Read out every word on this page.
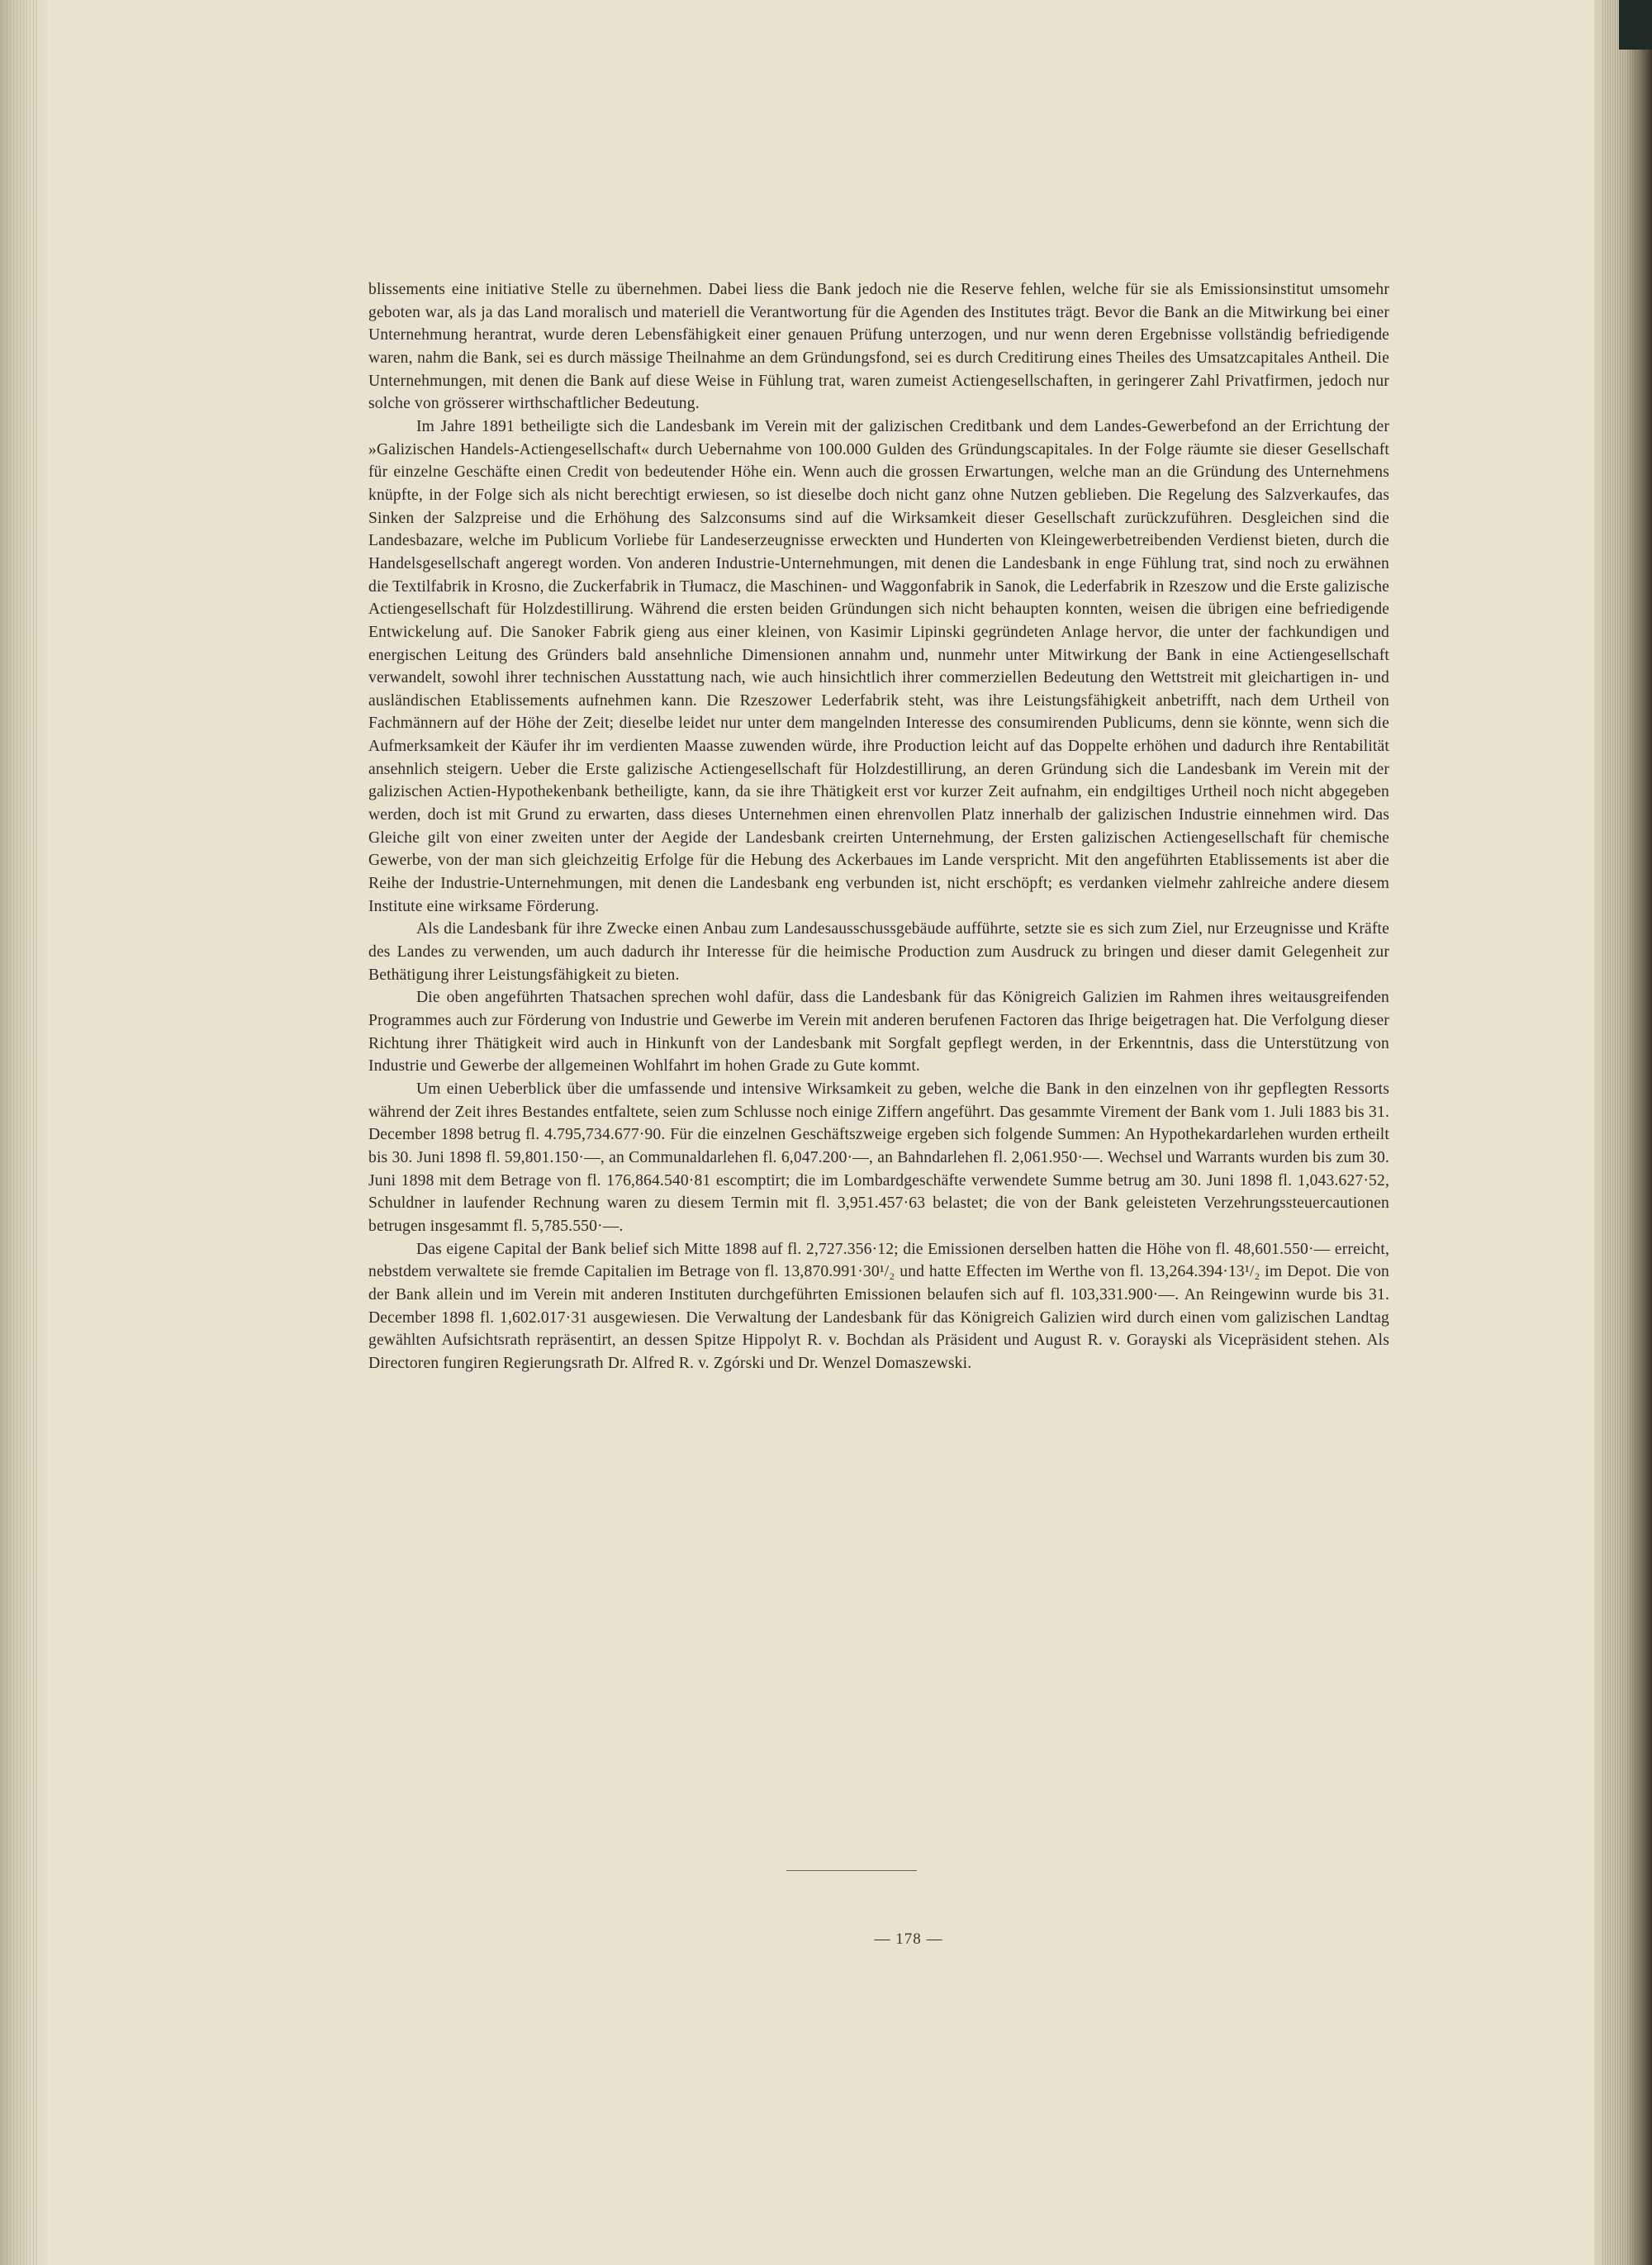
blissements eine initiative Stelle zu übernehmen. Dabei liess die Bank jedoch nie die Reserve fehlen, welche für sie als Emissionsinstitut umsomehr geboten war, als ja das Land moralisch und materiell die Verantwortung für die Agenden des Institutes trägt. Bevor die Bank an die Mitwirkung bei einer Unternehmung herantrat, wurde deren Lebensfähigkeit einer genauen Prüfung unterzogen, und nur wenn deren Ergebnisse vollständig befriedigende waren, nahm die Bank, sei es durch mässige Theilnahme an dem Gründungsfond, sei es durch Creditirung eines Theiles des Umsatzcapitales Antheil. Die Unternehmungen, mit denen die Bank auf diese Weise in Fühlung trat, waren zumeist Actiengesellschaften, in geringerer Zahl Privatfirmen, jedoch nur solche von grösserer wirthschaftlicher Bedeutung.

Im Jahre 1891 betheiligte sich die Landesbank im Verein mit der galizischen Creditbank und dem Landes-Gewerbefond an der Errichtung der »Galizischen Handels-Actiengesellschaft« durch Uebernahme von 100.000 Gulden des Gründungscapitales. In der Folge räumte sie dieser Gesellschaft für einzelne Geschäfte einen Credit von bedeutender Höhe ein. Wenn auch die grossen Erwartungen, welche man an die Gründung des Unternehmens knüpfte, in der Folge sich als nicht berechtigt erwiesen, so ist dieselbe doch nicht ganz ohne Nutzen geblieben. Die Regelung des Salzverkaufes, das Sinken der Salzpreise und die Erhöhung des Salzconsums sind auf die Wirksamkeit dieser Gesellschaft zurückzuführen. Desgleichen sind die Landesbazare, welche im Publicum Vorliebe für Landeserzeugnisse erweckten und Hunderten von Kleingewerbetreibenden Verdienst bieten, durch die Handelsgesellschaft angeregt worden. Von anderen Industrie-Unternehmungen, mit denen die Landesbank in enge Fühlung trat, sind noch zu erwähnen die Textilfabrik in Krosno, die Zuckerfabrik in Tłumacz, die Maschinen- und Waggonfabrik in Sanok, die Lederfabrik in Rzeszow und die Erste galizische Actiengesellschaft für Holzdestillirung. Während die ersten beiden Gründungen sich nicht behaupten konnten, weisen die übrigen eine befriedigende Entwickelung auf. Die Sanoker Fabrik gieng aus einer kleinen, von Kasimir Lipinski gegründeten Anlage hervor, die unter der fachkundigen und energischen Leitung des Gründers bald ansehnliche Dimensionen annahm und, nunmehr unter Mitwirkung der Bank in eine Actiengesellschaft verwandelt, sowohl ihrer technischen Ausstattung nach, wie auch hinsichtlich ihrer commerziellen Bedeutung den Wettstreit mit gleichartigen in- und ausländischen Etablissements aufnehmen kann. Die Rzeszower Lederfabrik steht, was ihre Leistungsfähigkeit anbetrifft, nach dem Urtheil von Fachmännern auf der Höhe der Zeit; dieselbe leidet nur unter dem mangelnden Interesse des consumirenden Publicums, denn sie könnte, wenn sich die Aufmerksamkeit der Käufer ihr im verdienten Maasse zuwenden würde, ihre Production leicht auf das Doppelte erhöhen und dadurch ihre Rentabilität ansehnlich steigern. Ueber die Erste galizische Actiengesellschaft für Holzdestillirung, an deren Gründung sich die Landesbank im Verein mit der galizischen Actien-Hypothekenbank betheiligte, kann, da sie ihre Thätigkeit erst vor kurzer Zeit aufnahm, ein endgiltiges Urtheil noch nicht abgegeben werden, doch ist mit Grund zu erwarten, dass dieses Unternehmen einen ehrenvollen Platz innerhalb der galizischen Industrie einnehmen wird. Das Gleiche gilt von einer zweiten unter der Aegide der Landesbank creirten Unternehmung, der Ersten galizischen Actiengesellschaft für chemische Gewerbe, von der man sich gleichzeitig Erfolge für die Hebung des Ackerbaues im Lande verspricht. Mit den angeführten Etablissements ist aber die Reihe der Industrie-Unternehmungen, mit denen die Landesbank eng verbunden ist, nicht erschöpft; es verdanken vielmehr zahlreiche andere diesem Institute eine wirksame Förderung.

Als die Landesbank für ihre Zwecke einen Anbau zum Landesausschussgebäude aufführte, setzte sie es sich zum Ziel, nur Erzeugnisse und Kräfte des Landes zu verwenden, um auch dadurch ihr Interesse für die heimische Production zum Ausdruck zu bringen und dieser damit Gelegenheit zur Bethätigung ihrer Leistungsfähigkeit zu bieten.

Die oben angeführten Thatsachen sprechen wohl dafür, dass die Landesbank für das Königreich Galizien im Rahmen ihres weitausgreifenden Programmes auch zur Förderung von Industrie und Gewerbe im Verein mit anderen berufenen Factoren das Ihrige beigetragen hat. Die Verfolgung dieser Richtung ihrer Thätigkeit wird auch in Hinkunft von der Landesbank mit Sorgfalt gepflegt werden, in der Erkenntnis, dass die Unterstützung von Industrie und Gewerbe der allgemeinen Wohlfahrt im hohen Grade zu Gute kommt.

Um einen Ueberblick über die umfassende und intensive Wirksamkeit zu geben, welche die Bank in den einzelnen von ihr gepflegten Ressorts während der Zeit ihres Bestandes entfaltete, seien zum Schlusse noch einige Ziffern angeführt. Das gesammte Virement der Bank vom 1. Juli 1883 bis 31. December 1898 betrug fl. 4.795,734.677·90. Für die einzelnen Geschäftszweige ergeben sich folgende Summen: An Hypothekardarlehen wurden ertheilt bis 30. Juni 1898 fl. 59,801.150·—, an Communaldarlehen fl. 6,047.200·—, an Bahndarlehen fl. 2,061.950·—. Wechsel und Warrants wurden bis zum 30. Juni 1898 mit dem Betrage von fl. 176,864.540·81 escomptirt; die im Lombardgeschäfte verwendete Summe betrug am 30. Juni 1898 fl. 1,043.627·52, Schuldner in laufender Rechnung waren zu diesem Termin mit fl. 3,951.457·63 belastet; die von der Bank geleisteten Verzehrungssteuercautionen betrugen insgesammt fl. 5,785.550·—.

Das eigene Capital der Bank belief sich Mitte 1898 auf fl. 2,727.356·12; die Emissionen derselben hatten die Höhe von fl. 48,601.550·— erreicht, nebstdem verwaltete sie fremde Capitalien im Betrage von fl. 13,870.991·30¹/₂ und hatte Effecten im Werthe von fl. 13,264.394·13¹/₂ im Depot. Die von der Bank allein und im Verein mit anderen Instituten durchgeführten Emissionen belaufen sich auf fl. 103,331.900·—. An Reingewinn wurde bis 31. December 1898 fl. 1,602.017·31 ausgewiesen. Die Verwaltung der Landesbank für das Königreich Galizien wird durch einen vom galizischen Landtag gewählten Aufsichtsrath repräsentirt, an dessen Spitze Hippolyt R. v. Bochdan als Präsident und August R. v. Gorayski als Vicepräsident stehen. Als Directoren fungiren Regierungsrath Dr. Alfred R. v. Zgórski und Dr. Wenzel Domaszewski.

— 178 —
